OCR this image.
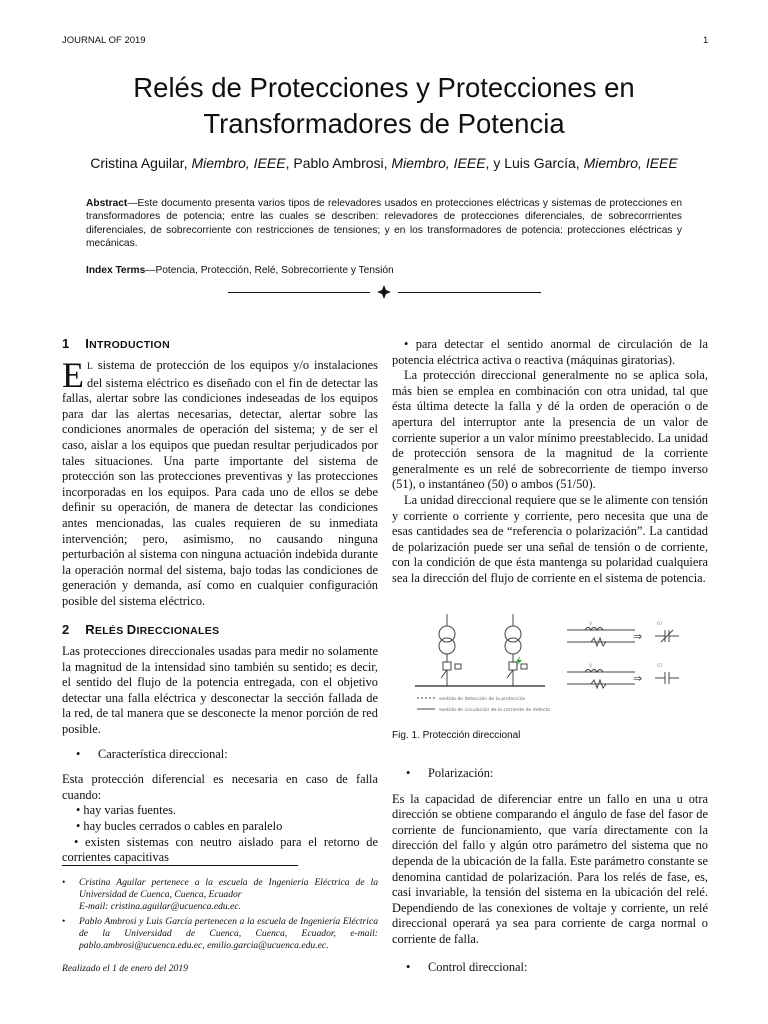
JOURNAL OF 2019	1
Relés de Protecciones y Protecciones en
Transformadores de Potencia
Cristina Aguilar, Miembro, IEEE, Pablo Ambrosi, Miembro, IEEE, y Luis García, Miembro, IEEE
Abstract—Este documento presenta varios tipos de relevadores usados en protecciones eléctricas y sistemas de protecciones en transformadores de potencia; entre las cuales se describen: relevadores de protecciones diferenciales, de sobrecorrrientes diferenciales, de sobrecorriente con restricciones de tensiones; y en los transformadores de potencia: protecciones eléctricas y mecánicas.
Index Terms—Potencia, Protección, Relé, Sobrecorriente y Tensión
1 INTRODUCTION

E L sistema de protección de los equipos y/o instalaciones del sistema eléctrico es diseñado con el fin de detectar las fallas, alertar sobre las condiciones indeseadas de los equipos para dar las alertas necesarias, detectar, alertar sobre las condiciones anormales de operación del sistema; y de ser el caso, aislar a los equipos que puedan resultar perjudicados por tales situaciones. Una parte importante del sistema de protección son las protecciones preventivas y las protecciones incorporadas en los equipos. Para cada uno de ellos se debe definir su operación, de manera de detectar las condiciones antes mencionadas, las cuales requieren de su inmediata intervención; pero, asimismo, no causando ninguna perturbación al sistema con ninguna actuación indebida durante la operación normal del sistema, bajo todas las condiciones de generación y demanda, así como en cualquier configuración posible del sistema eléctrico.

2 RELÉS DIRECCIONALES

Las protecciones direccionales usadas para medir no solamente la magnitud de la intensidad sino también su sentido; es decir, el sentido del flujo de la potencia entregada, con el objetivo detectar una falla eléctrica y desconectar la sección fallada de la red, de tal manera que se desconecte la menor porción de red posible.

• Característica direccional:

Esta protección diferencial es necesaria en caso de falla cuando:

• hay varias fuentes.

• hay bucles cerrados o cables en paralelo

• existen sistemas con neutro aislado para el retorno de corrientes capacitivas

• Cristina Aguilar pertenece a la escuela de Ingeniería Eléctrica de la Universidad de Cuenca, Cuenca, Ecuador
E-mail: cristina.aguilar@ucuenca.edu.ec.

• Pablo Ambrosi y Luis García pertenecen a la escuela de Ingeniería Eléctrica de la Universidad de Cuenca, Cuenca, Ecuador, e-mail: pablo.ambrosi@ucuenca.edu.ec, emilio.garcia@ucuenca.edu.ec.

Realizado el 1 de enero del 2019

• para detectar el sentido anormal de circulación de la potencia eléctrica activa o reactiva (máquinas giratorias).

La protección direccional generalmente no se aplica sola, más bien se emplea en combinación con otra unidad, tal que ésta última detecte la falla y dé la orden de operación o de apertura del interruptor ante la presencia de un valor de corriente superior a un valor mínimo preestablecido. La unidad de protección sensora de la magnitud de la corriente generalmente es un relé de sobrecorriente de tiempo inverso (51), o instantáneo (50) o ambos (51/50).

La unidad direccional requiere que se le alimente con tensión y corriente o corriente y corriente, pero necesita que una de esas cantidades sea de “referencia o polarización”. La cantidad de polarización puede ser una señal de tensión o de corriente, con la condición de que ésta mantenga su polaridad cualquiera sea la dirección del flujo de corriente en el sistema de potencia.

⇒
⇒
V
V
67
67
sentido de detección de la protección
sentido de circulación de la corriente de defecto
Fig. 1. Protección direccional

• Polarización:

Es la capacidad de diferenciar entre un fallo en una u otra dirección se obtiene comparando el ángulo de fase del fasor de corriente de funcionamiento, que varía directamente con la dirección del fallo y algún otro parámetro del sistema que no dependa de la ubicación de la falla. Este parámetro constante se denomina cantidad de polarización. Para los relés de fase, es, casi invariable, la tensión del sistema en la ubicación del relé. Dependiendo de las conexiones de voltaje y corriente, un relé direccional operará ya sea para corriente de carga normal o corriente de falla.

• Control direccional:
